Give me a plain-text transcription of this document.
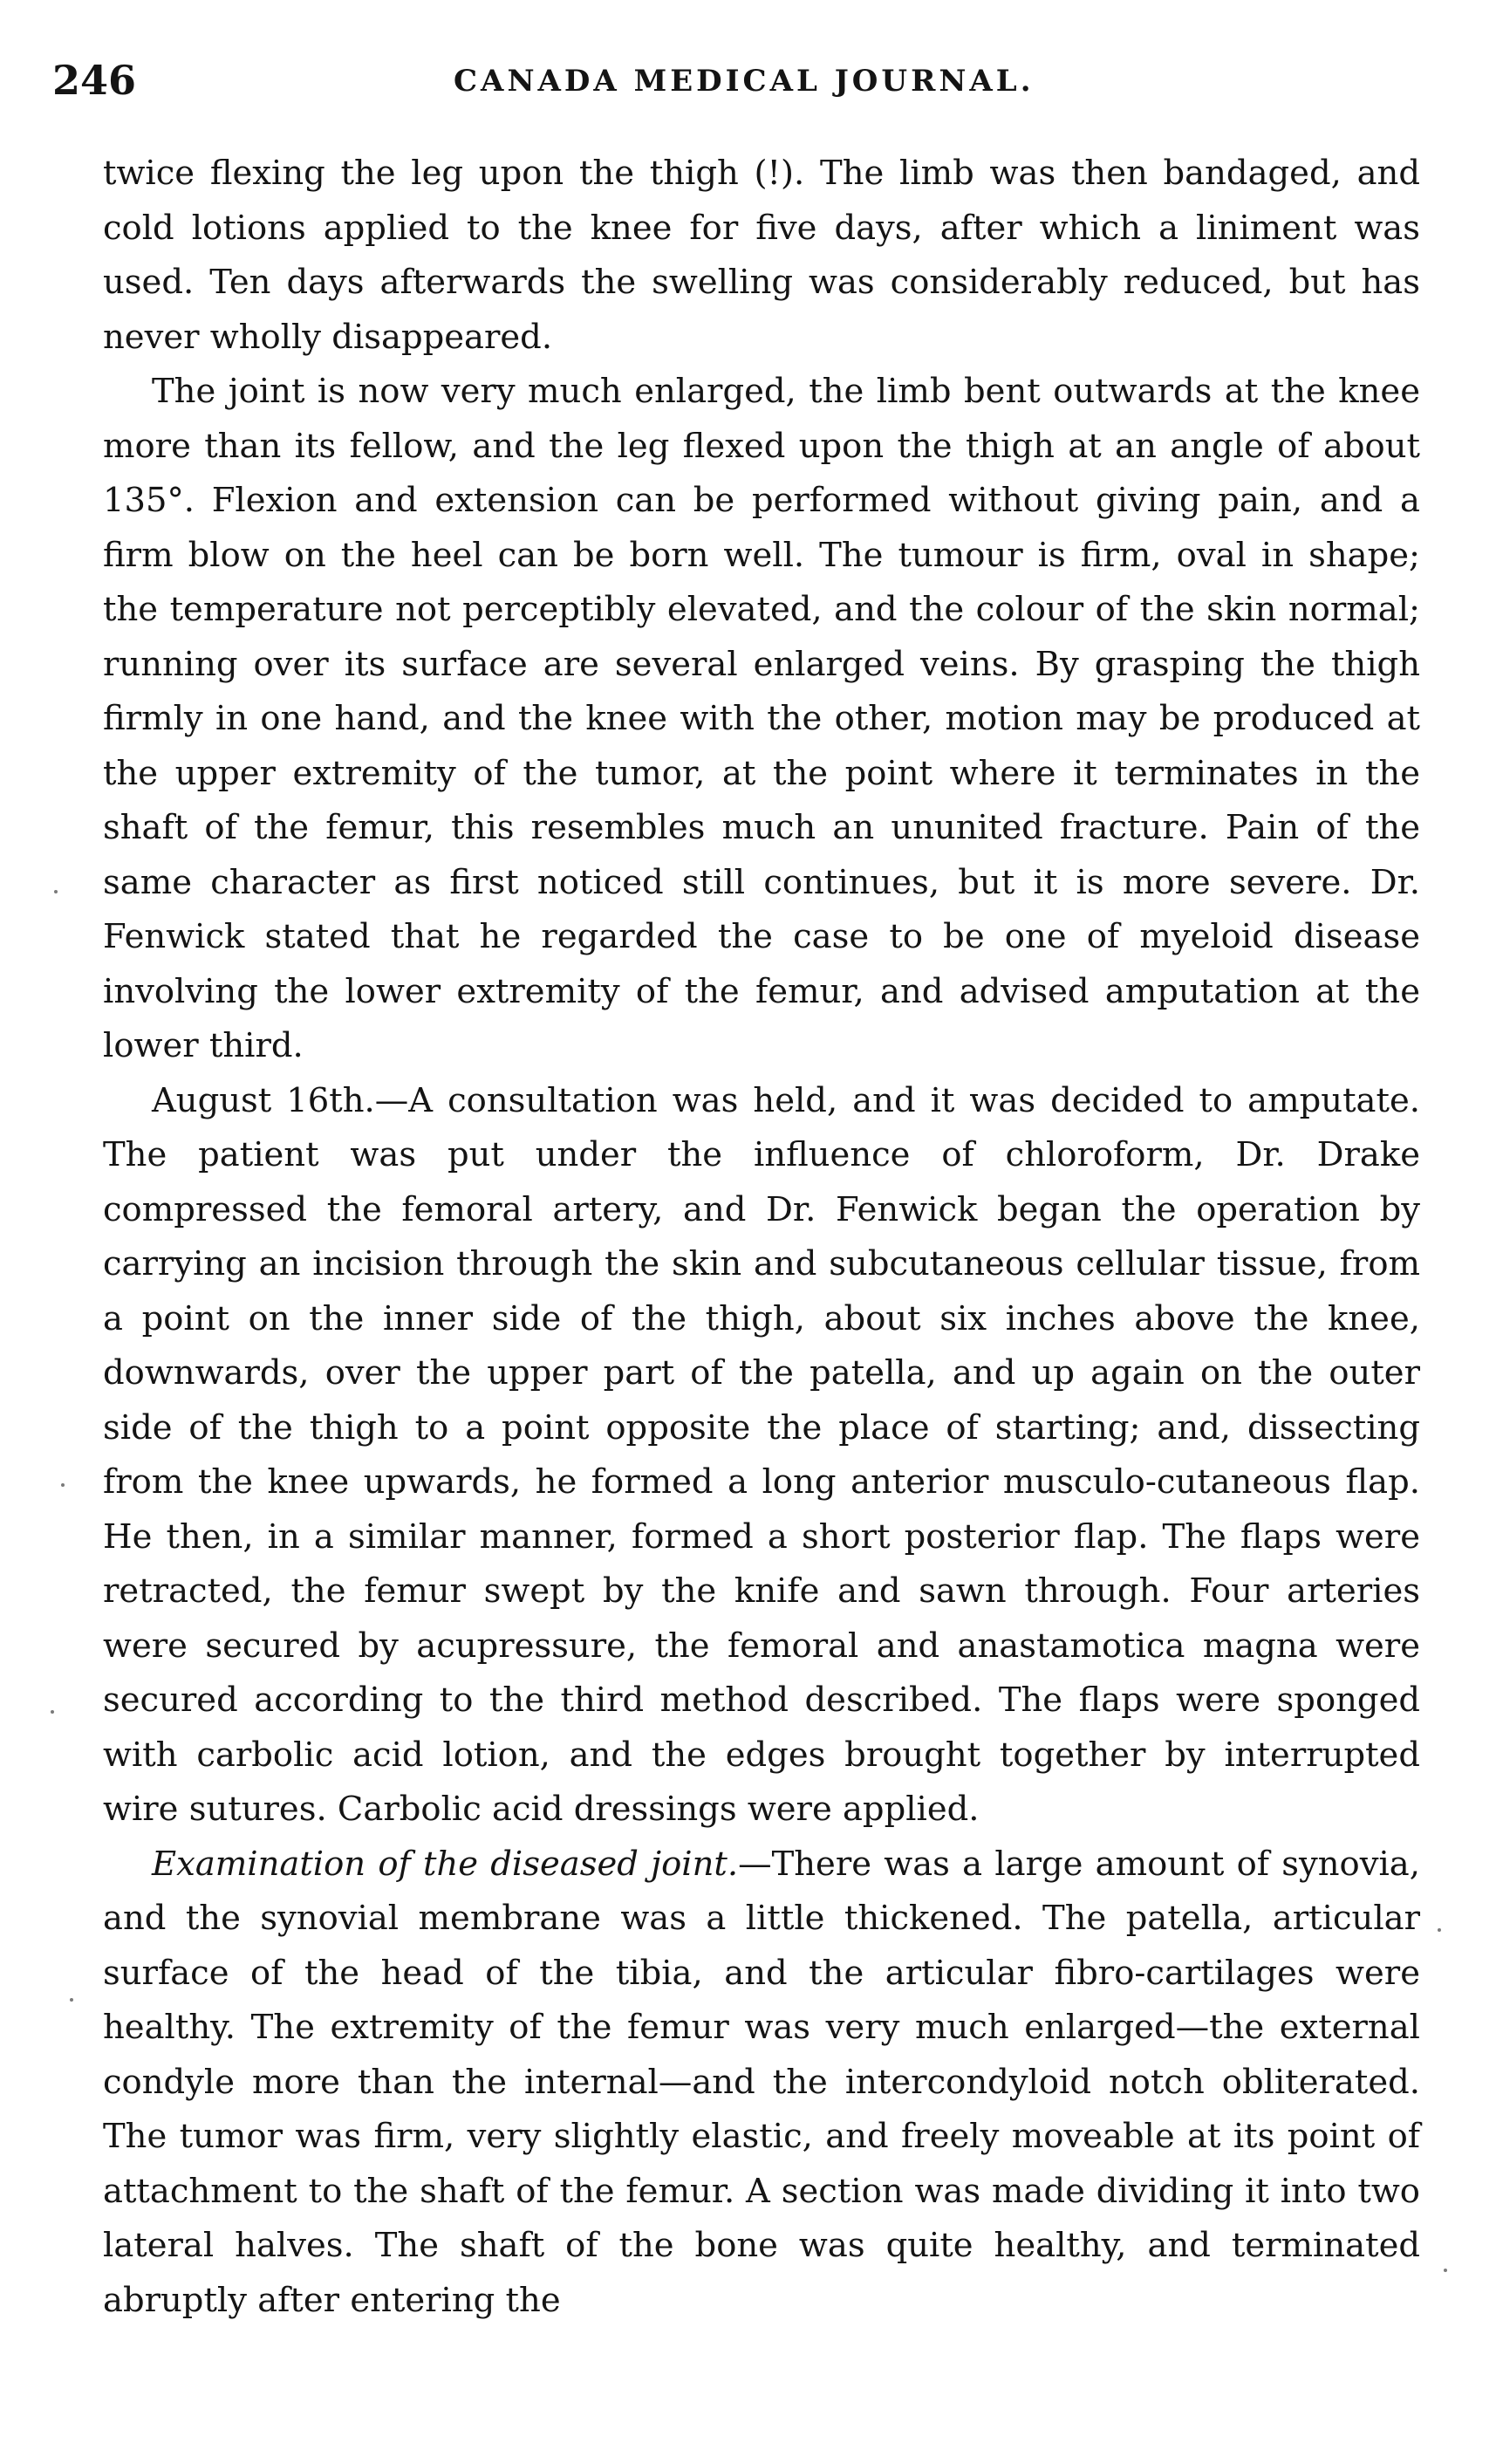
246	CANADA MEDICAL JOURNAL.

twice flexing the leg upon the thigh (!). The limb was then bandaged, and cold lotions applied to the knee for five days, after which a liniment was used. Ten days afterwards the swelling was considerably reduced, but has never wholly disappeared.

The joint is now very much enlarged, the limb bent outwards at the knee more than its fellow, and the leg flexed upon the thigh at an angle of about 135°. Flexion and extension can be performed without giving pain, and a firm blow on the heel can be born well. The tumour is firm, oval in shape; the temperature not perceptibly elevated, and the colour of the skin normal; running over its surface are several enlarged veins. By grasping the thigh firmly in one hand, and the knee with the other, motion may be produced at the upper extremity of the tumor, at the point where it terminates in the shaft of the femur, this resembles much an ununited fracture. Pain of the same character as first noticed still continues, but it is more severe. Dr. Fenwick stated that he regarded the case to be one of myeloid disease involving the lower extremity of the femur, and advised amputation at the lower third.

August 16th.—A consultation was held, and it was decided to amputate. The patient was put under the influence of chloroform, Dr. Drake compressed the femoral artery, and Dr. Fenwick began the operation by carrying an incision through the skin and subcutaneous cellular tissue, from a point on the inner side of the thigh, about six inches above the knee, downwards, over the upper part of the patella, and up again on the outer side of the thigh to a point opposite the place of starting; and, dissecting from the knee upwards, he formed a long anterior musculo-cutaneous flap. He then, in a similar manner, formed a short posterior flap. The flaps were retracted, the femur swept by the knife and sawn through. Four arteries were secured by acupressure, the femoral and anastamotica magna were secured according to the third method described. The flaps were sponged with carbolic acid lotion, and the edges brought together by interrupted wire sutures. Carbolic acid dressings were applied.

Examination of the diseased joint.—There was a large amount of synovia, and the synovial membrane was a little thickened. The patella, articular surface of the head of the tibia, and the articular fibro-cartilages were healthy. The extremity of the femur was very much enlarged—the external condyle more than the internal—and the intercondyloid notch obliterated. The tumor was firm, very slightly elastic, and freely moveable at its point of attachment to the shaft of the femur. A section was made dividing it into two lateral halves. The shaft of the bone was quite healthy, and terminated abruptly after entering the
